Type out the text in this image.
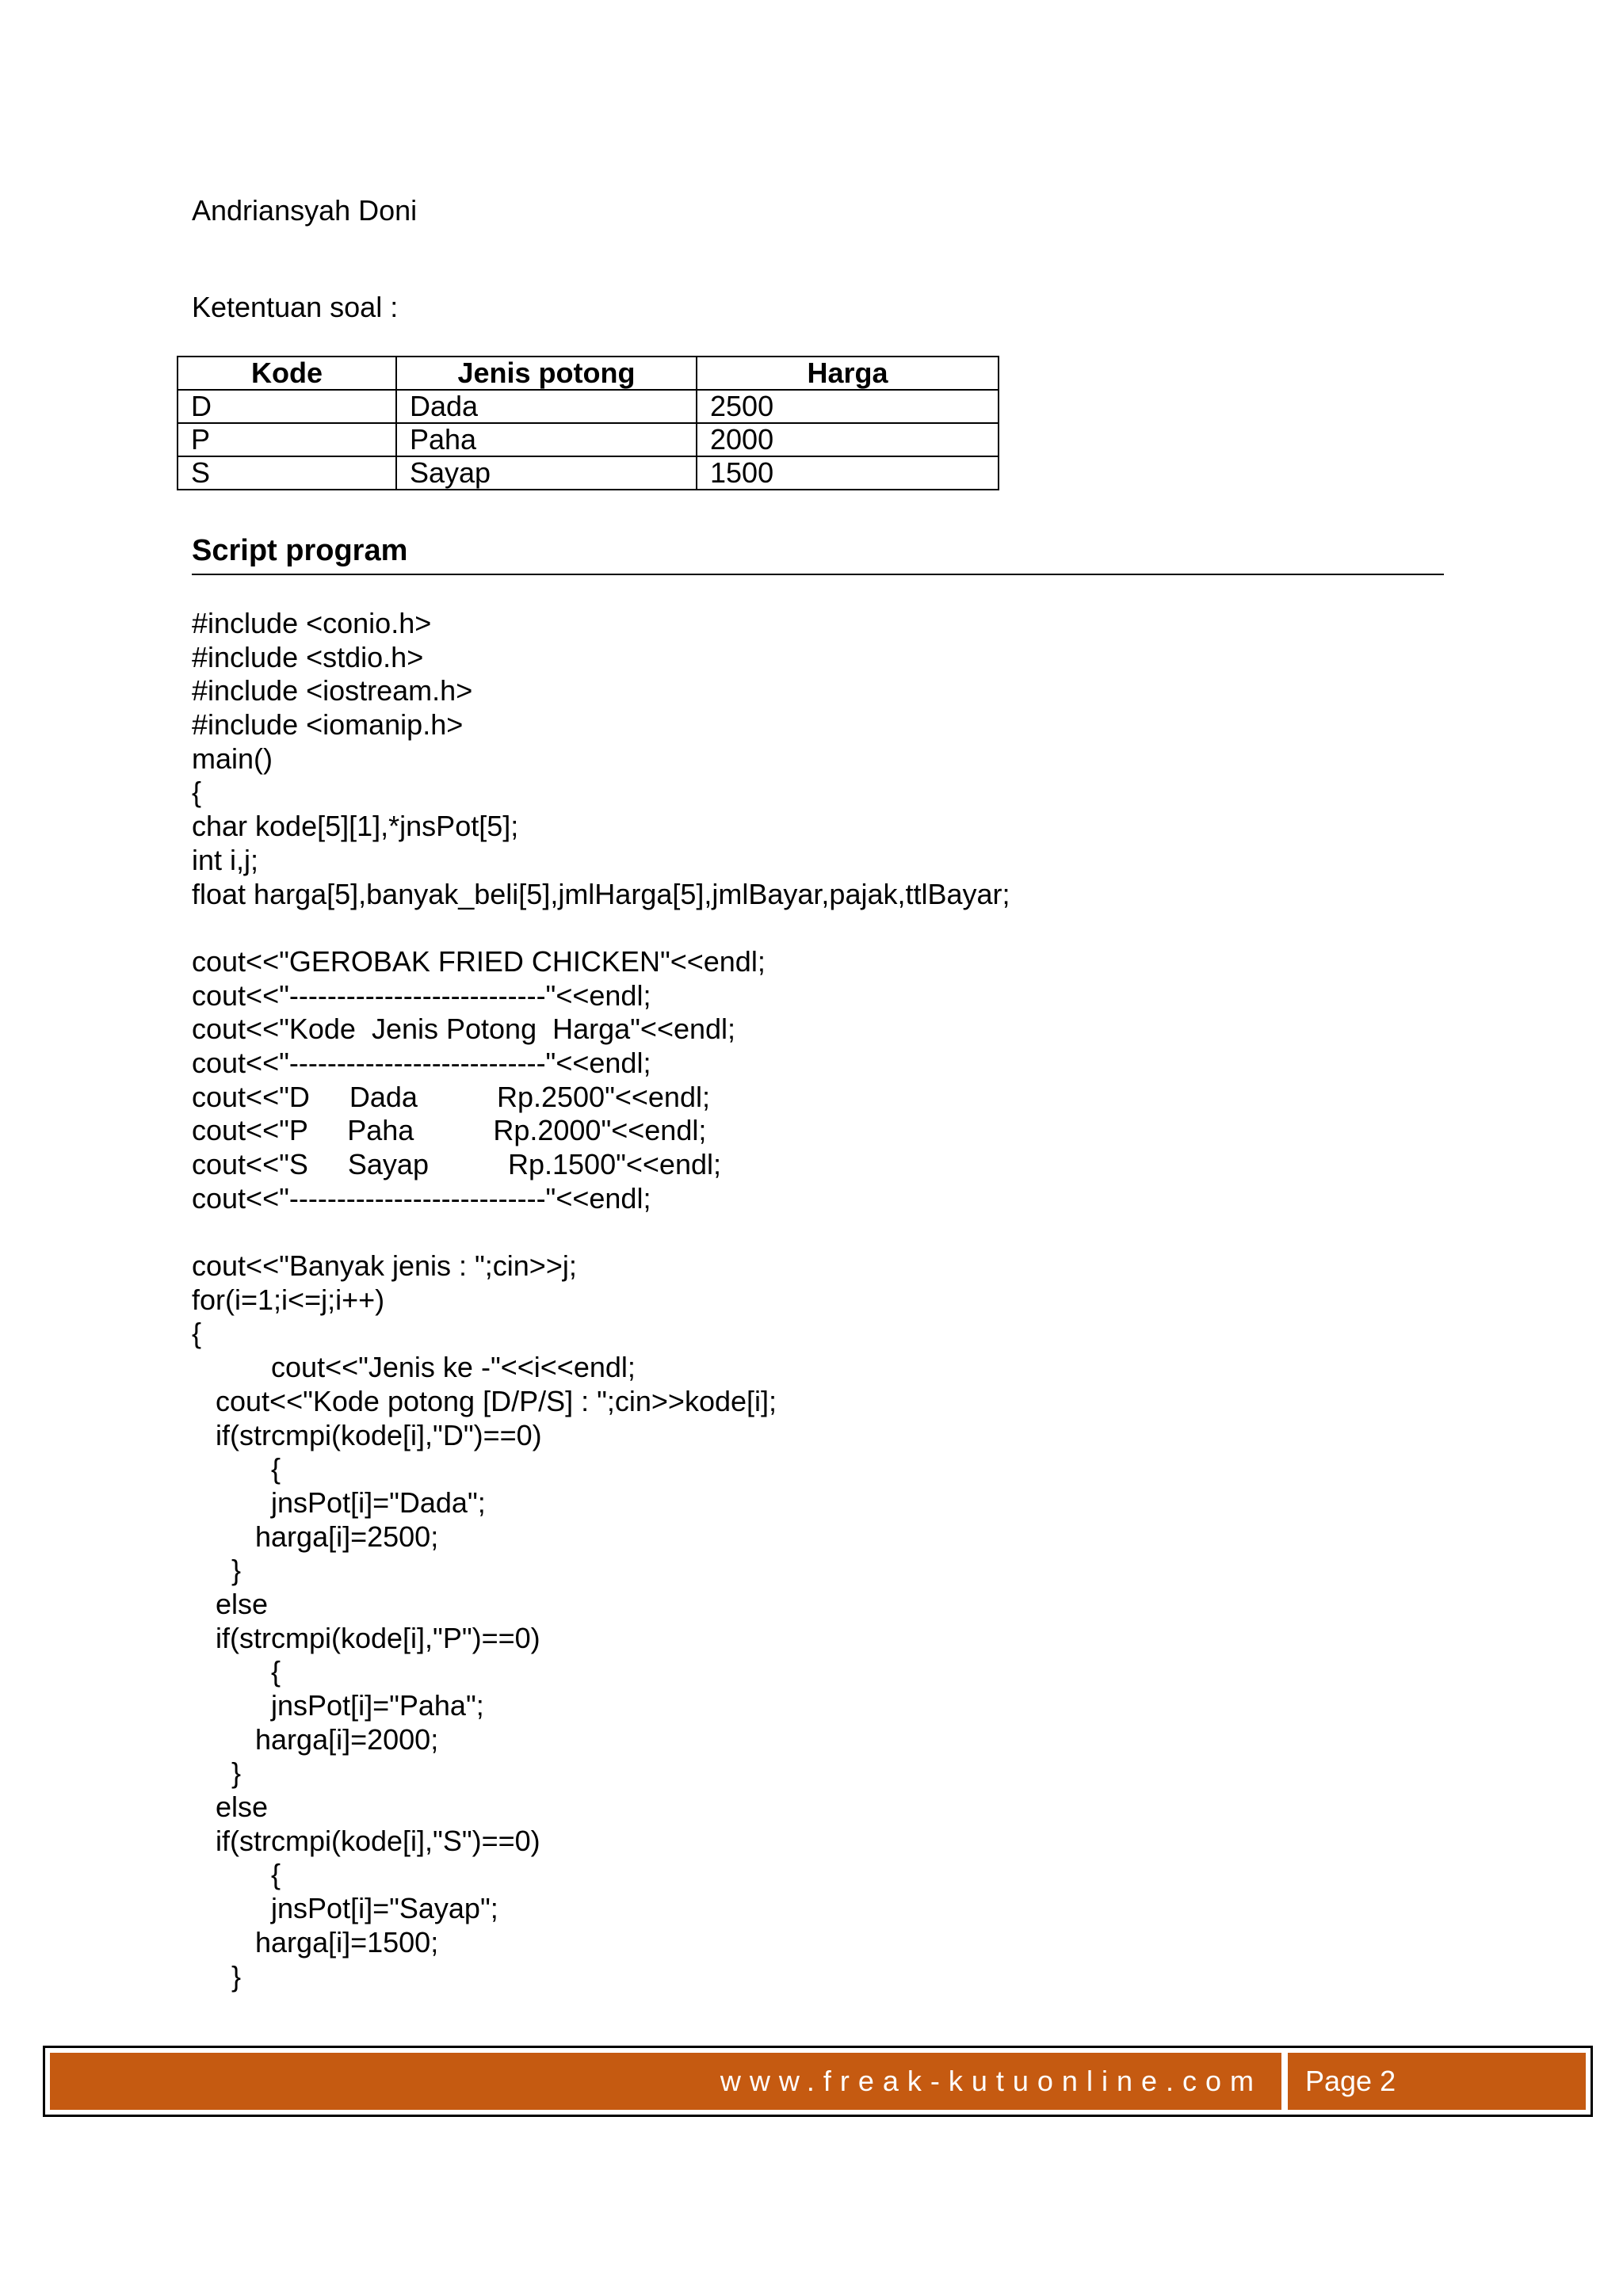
Andriansyah Doni
Ketentuan soal :
Kode	Jenis potong	Harga
D	Dada	2500
P	Paha	2000
S	Sayap	1500
Script program
#include <conio.h>
#include <stdio.h>
#include <iostream.h>
#include <iomanip.h>
main()
{
char kode[5][1],*jnsPot[5];
int i,j;
float harga[5],banyak_beli[5],jmlHarga[5],jmlBayar,pajak,ttlBayar;
cout<<"GEROBAK FRIED CHICKEN"<<endl;
cout<<"---------------------------"<<endl;
cout<<"Kode  Jenis Potong  Harga"<<endl;
cout<<"---------------------------"<<endl;
cout<<"D     Dada          Rp.2500"<<endl;
cout<<"P     Paha          Rp.2000"<<endl;
cout<<"S     Sayap          Rp.1500"<<endl;
cout<<"---------------------------"<<endl;
cout<<"Banyak jenis : ";cin>>j;
for(i=1;i<=j;i++)
{
cout<<"Jenis ke -"<<i<<endl;
cout<<"Kode potong [D/P/S] : ";cin>>kode[i];
if(strcmpi(kode[i],"D")==0)
{
jnsPot[i]="Dada";
harga[i]=2500;
}
else
if(strcmpi(kode[i],"P")==0)
{
jnsPot[i]="Paha";
harga[i]=2000;
}
else
if(strcmpi(kode[i],"S")==0)
{
jnsPot[i]="Sayap";
harga[i]=1500;
}
www.freak-kutuonline.com	Page 2
